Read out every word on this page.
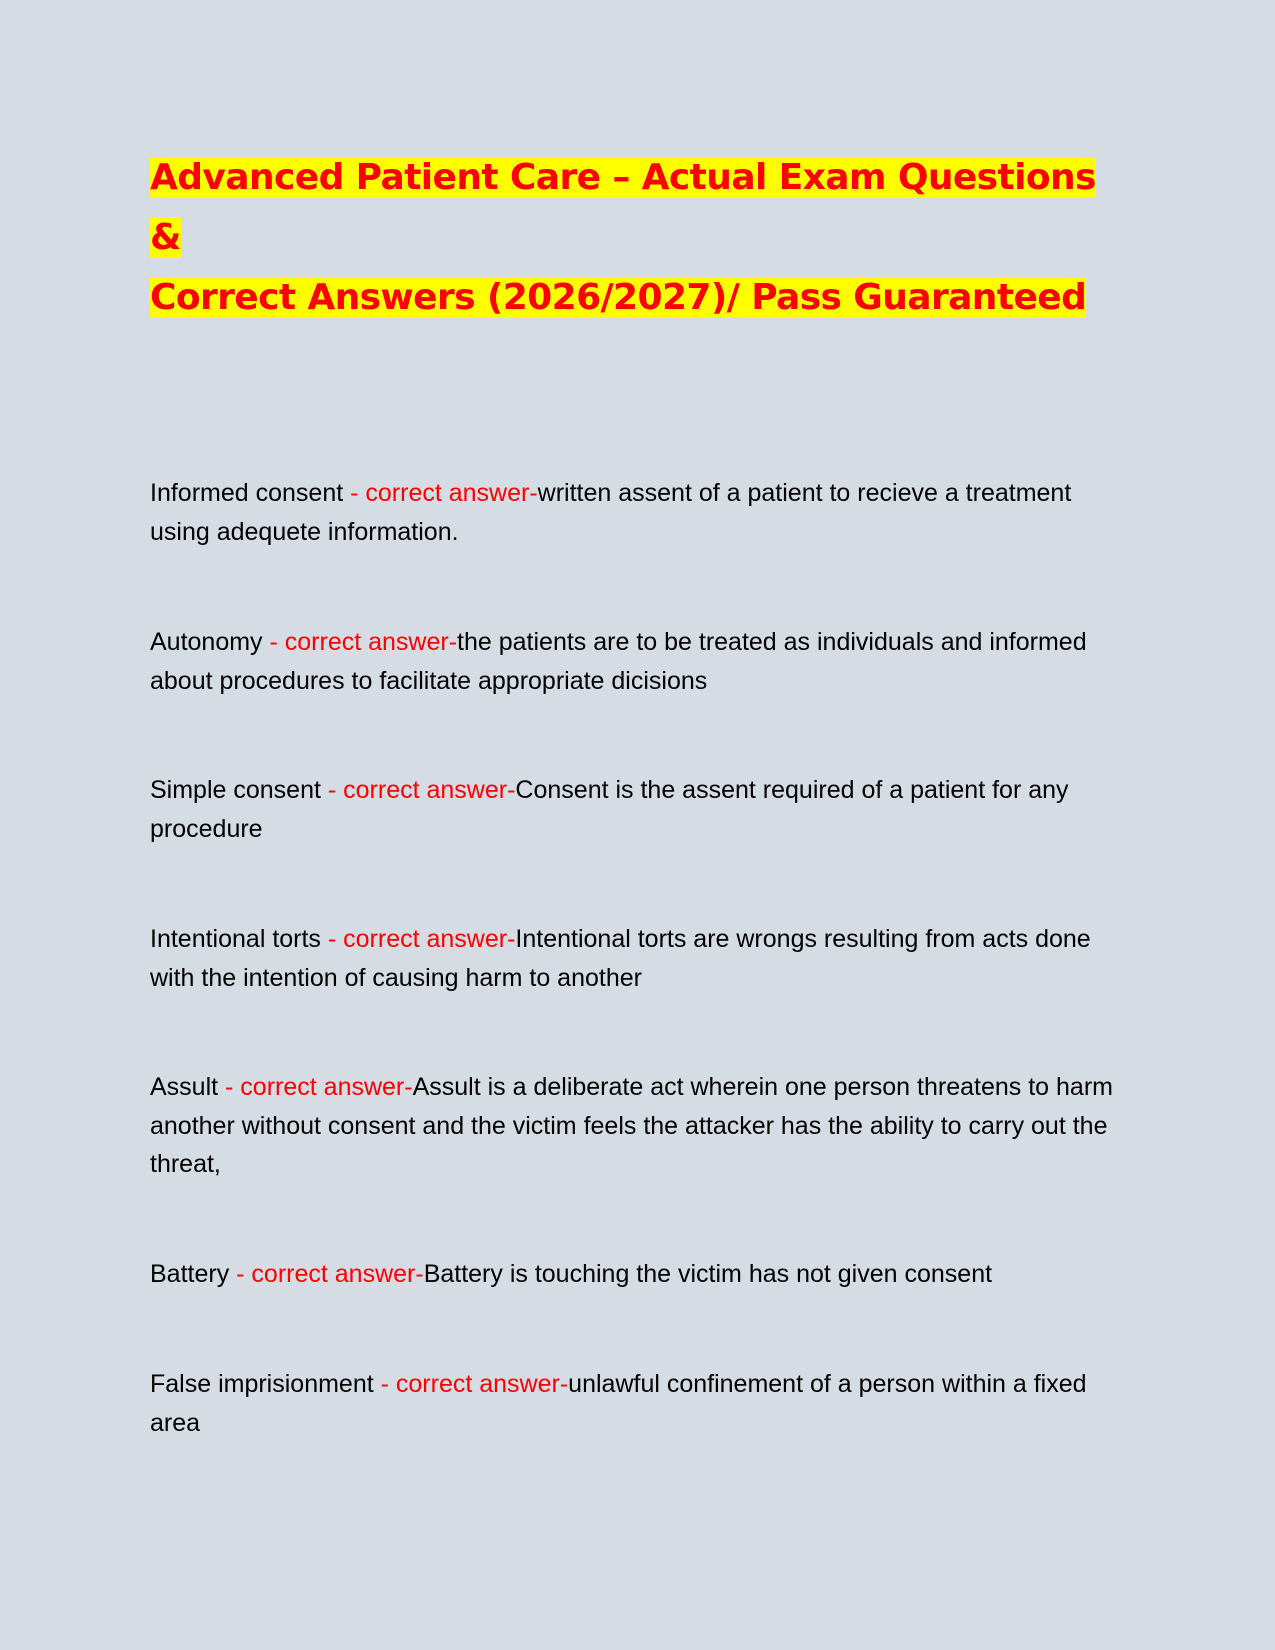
Advanced Patient Care – Actual Exam Questions &
Correct Answers (2026/2027)/ Pass Guaranteed

Informed consent - correct answer-written assent of a patient to recieve a treatment using adequete information.

Autonomy - correct answer-the patients are to be treated as individuals and informed about procedures to facilitate appropriate dicisions

Simple consent - correct answer-Consent is the assent required of a patient for any procedure

Intentional torts - correct answer-Intentional torts are wrongs resulting from acts done with the intention of causing harm to another

Assult - correct answer-Assult is a deliberate act wherein one person threatens to harm another without consent and the victim feels the attacker has the ability to carry out the threat,

Battery - correct answer-Battery is touching the victim has not given consent

False imprisionment - correct answer-unlawful confinement of a person within a fixed area
